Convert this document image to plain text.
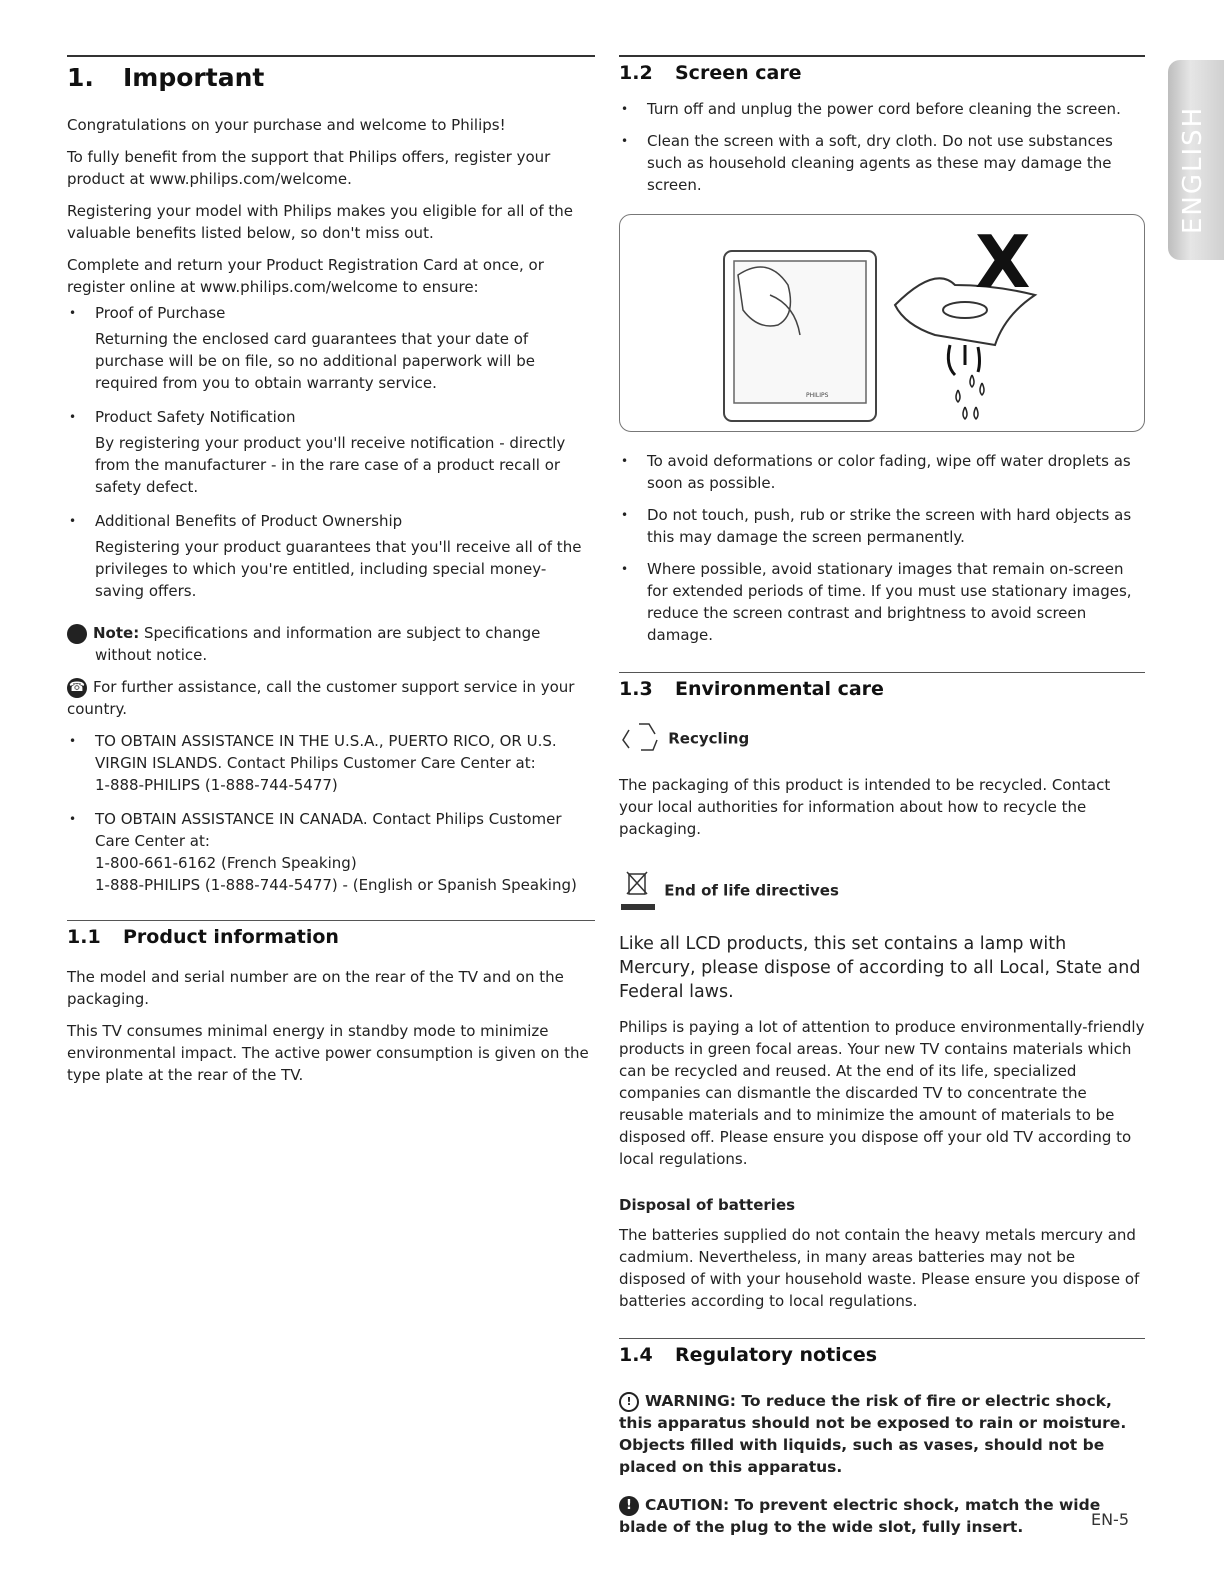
ENGLISH
1. Important

Congratulations on your purchase and welcome to Philips!

To fully benefit from the support that Philips offers, register your product at www.philips.com/welcome.

Registering your model with Philips makes you eligible for all of the valuable benefits listed below, so don't miss out.

Complete and return your Product Registration Card at once, or register online at www.philips.com/welcome to ensure:

• Proof of Purchase
Returning the enclosed card guarantees that your date of purchase will be on file, so no additional paperwork will be required from you to obtain warranty service.
• Product Safety Notification
By registering your product you'll receive notification - directly from the manufacturer - in the rare case of a product recall or safety defect.
• Additional Benefits of Product Ownership
Registering your product guarantees that you'll receive all of the privileges to which you're entitled, including special money-saving offers.

= Note: Specifications and information are subject to change without notice.

☎ For further assistance, call the customer support service in your country.

• TO OBTAIN ASSISTANCE IN THE U.S.A., PUERTO RICO, OR U.S. VIRGIN ISLANDS. Contact Philips Customer Care Center at:
1-888-PHILIPS (1-888-744-5477)
• TO OBTAIN ASSISTANCE IN CANADA. Contact Philips Customer Care Center at:
1-800-661-6162 (French Speaking)
1-888-PHILIPS (1-888-744-5477) - (English or Spanish Speaking)
1.1 Product information

The model and serial number are on the rear of the TV and on the packaging.

This TV consumes minimal energy in standby mode to minimize environmental impact. The active power consumption is given on the type plate at the rear of the TV.

1.2 Screen care
• Turn off and unplug the power cord before cleaning the screen.
• Clean the screen with a soft, dry cloth. Do not use substances such as household cleaning agents as these may damage the screen.
PHILIPS
X
• To avoid deformations or color fading, wipe off water droplets as soon as possible.
• Do not touch, push, rub or strike the screen with hard objects as this may damage the screen permanently.
• Where possible, avoid stationary images that remain on-screen for extended periods of time. If you must use stationary images, reduce the screen contrast and brightness to avoid screen damage.
1.3 Environmental care
Recycling

The packaging of this product is intended to be recycled. Contact your local authorities for information about how to recycle the packaging.

End of life directives

Like all LCD products, this set contains a lamp with Mercury, please dispose of according to all Local, State and Federal laws.

Philips is paying a lot of attention to produce environmentally-friendly products in green focal areas. Your new TV contains materials which can be recycled and reused. At the end of its life, specialized companies can dismantle the discarded TV to concentrate the reusable materials and to minimize the amount of materials to be disposed off. Please ensure you dispose off your old TV according to local regulations.

Disposal of batteries

The batteries supplied do not contain the heavy metals mercury and cadmium. Nevertheless, in many areas batteries may not be disposed of with your household waste. Please ensure you dispose of batteries according to local regulations.

1.4 Regulatory notices

! WARNING: To reduce the risk of fire or electric shock, this apparatus should not be exposed to rain or moisture. Objects filled with liquids, such as vases, should not be placed on this apparatus.

! CAUTION: To prevent electric shock, match the wide blade of the plug to the wide slot, fully insert.	EN-5
